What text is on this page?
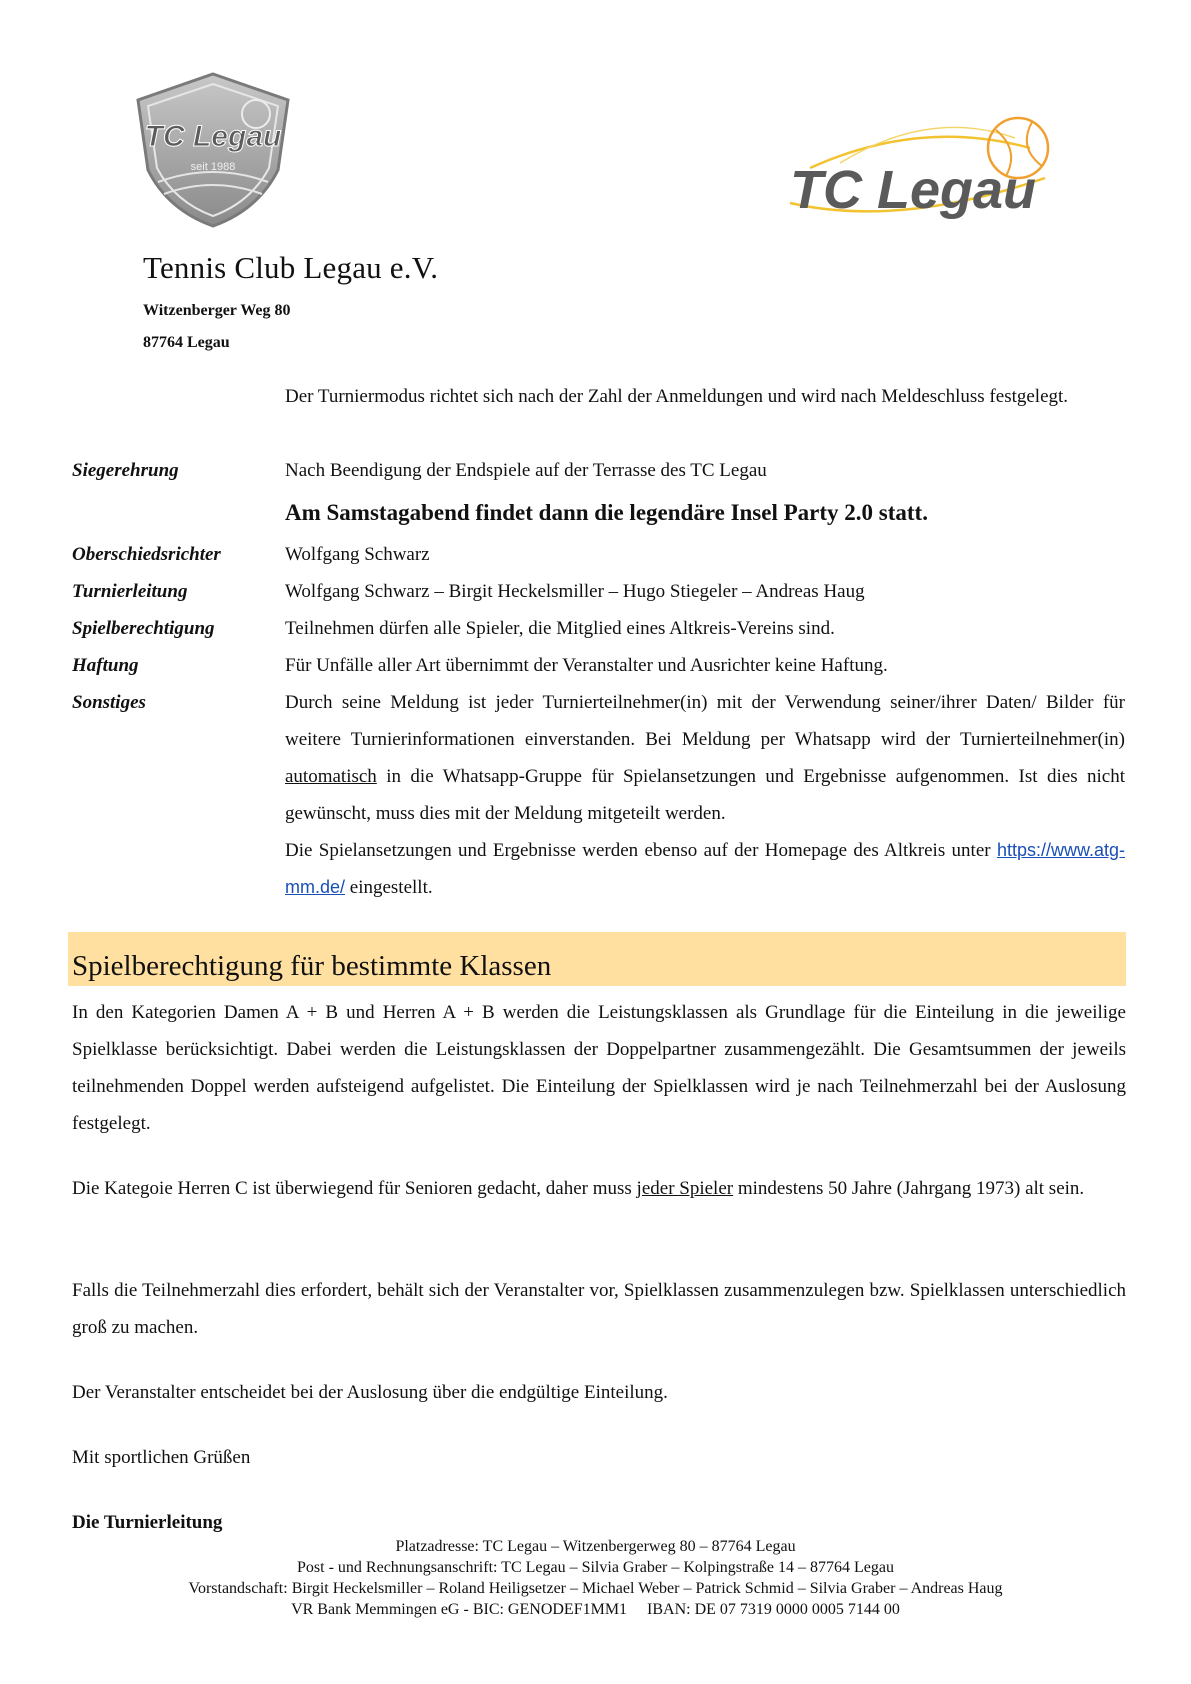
TC Legau
seit 1988	TC Legau
Tennis Club Legau e.V.
Witzenberger Weg 80
87764 Legau
Der Turniermodus richtet sich nach der Zahl der Anmeldungen und wird nach Meldeschluss festgelegt.
Siegerehrung	Nach Beendigung der Endspiele auf der Terrasse des TC Legau
Am Samstagabend findet dann die legendäre Insel Party 2.0 statt.
Oberschiedsrichter	Wolfgang Schwarz
Turnierleitung	Wolfgang Schwarz – Birgit Heckelsmiller – Hugo Stiegeler – Andreas Haug
Spielberechtigung	Teilnehmen dürfen alle Spieler, die Mitglied eines Altkreis-Vereins sind.
Haftung	Für Unfälle aller Art übernimmt der Veranstalter und Ausrichter keine Haftung.
Sonstiges	Durch seine Meldung ist jeder Turnierteilnehmer(in) mit der Verwendung seiner/ihrer Daten/ Bilder für weitere Turnierinformationen einverstanden. Bei Meldung per Whatsapp wird der Turnierteilnehmer(in) automatisch in die Whatsapp-Gruppe für Spielansetzungen und Ergebnisse aufgenommen. Ist dies nicht gewünscht, muss dies mit der Meldung mitgeteilt werden.
Die Spielansetzungen und Ergebnisse werden ebenso auf der Homepage des Altkreis unter https://www.atg-mm.de/ eingestellt.
Spielberechtigung für bestimmte Klassen
In den Kategorien Damen A + B und Herren A + B werden die Leistungsklassen als Grundlage für die Einteilung in die jeweilige Spielklasse berücksichtigt. Dabei werden die Leistungsklassen der Doppelpartner zusammengezählt. Die Gesamtsummen der jeweils teilnehmenden Doppel werden aufsteigend aufgelistet. Die Einteilung der Spielklassen wird je nach Teilnehmerzahl bei der Auslosung festgelegt.
Die Kategoie Herren C ist überwiegend für Senioren gedacht, daher muss jeder Spieler mindestens 50 Jahre (Jahrgang 1973) alt sein.
Falls die Teilnehmerzahl dies erfordert, behält sich der Veranstalter vor, Spielklassen zusammenzulegen bzw. Spielklassen unterschiedlich groß zu machen.
Der Veranstalter entscheidet bei der Auslosung über die endgültige Einteilung.
Mit sportlichen Grüßen
Die Turnierleitung
Platzadresse: TC Legau – Witzenbergerweg 80 – 87764 Legau
Post - und Rechnungsanschrift: TC Legau – Silvia Graber – Kolpingstraße 14 – 87764 Legau
Vorstandschaft: Birgit Heckelsmiller – Roland Heiligsetzer – Michael Weber – Patrick Schmid – Silvia Graber – Andreas Haug
VR Bank Memmingen eG - BIC: GENODEF1MM1     IBAN: DE 07 7319 0000 0005 7144 00
